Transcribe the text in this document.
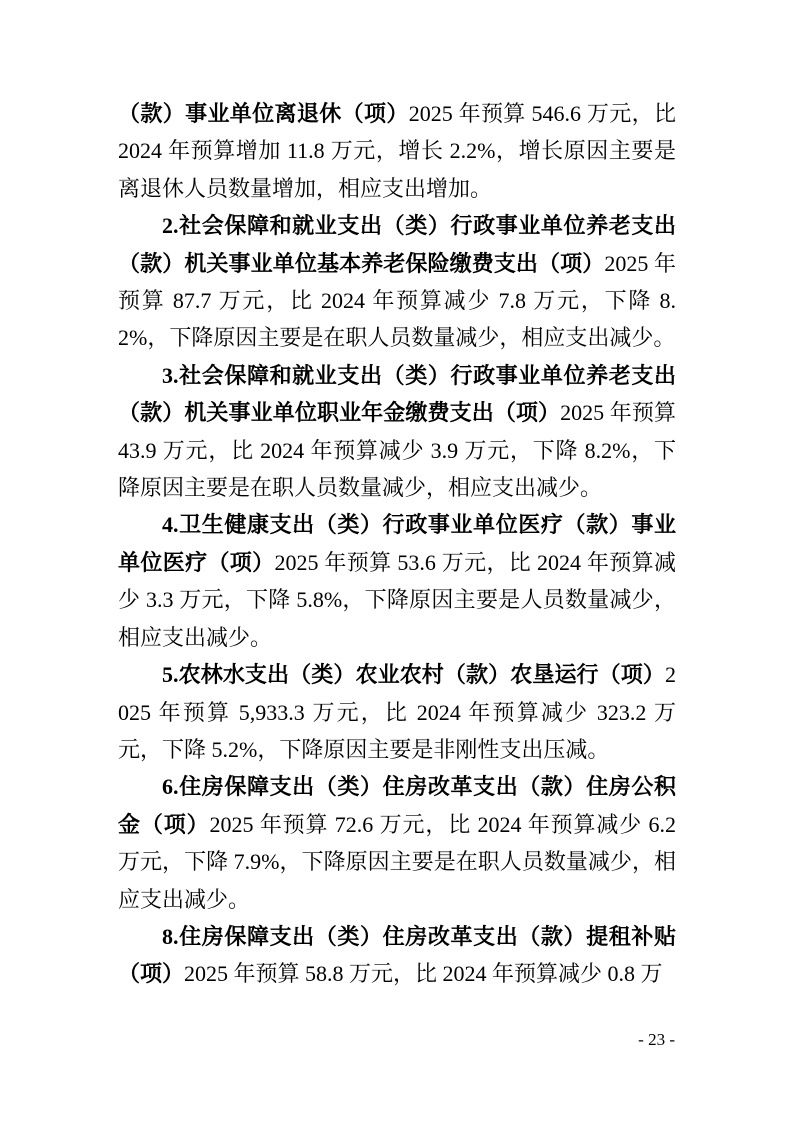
（款）事业单位离退休（项）2025 年预算 546.6 万元，比 2024 年预算增加 11.8 万元，增长 2.2%，增长原因主要是离退休人员数量增加，相应支出增加。

2.社会保障和就业支出（类）行政事业单位养老支出（款）机关事业单位基本养老保险缴费支出（项）2025 年预算 87.7 万元，比 2024 年预算减少 7.8 万元，下降 8.2%，下降原因主要是在职人员数量减少，相应支出减少。

3.社会保障和就业支出（类）行政事业单位养老支出（款）机关事业单位职业年金缴费支出（项）2025 年预算 43.9 万元，比 2024 年预算减少 3.9 万元，下降 8.2%，下降原因主要是在职人员数量减少，相应支出减少。

4.卫生健康支出（类）行政事业单位医疗（款）事业单位医疗（项）2025 年预算 53.6 万元，比 2024 年预算减少 3.3 万元，下降 5.8%，下降原因主要是人员数量减少，相应支出减少。

5.农林水支出（类）农业农村（款）农垦运行（项）2025 年预算 5,933.3 万元，比 2024 年预算减少 323.2 万元，下降 5.2%，下降原因主要是非刚性支出压减。

6.住房保障支出（类）住房改革支出（款）住房公积金（项）2025 年预算 72.6 万元，比 2024 年预算减少 6.2 万元，下降 7.9%，下降原因主要是在职人员数量减少，相应支出减少。

8.住房保障支出（类）住房改革支出（款）提租补贴（项）2025 年预算 58.8 万元，比 2024 年预算减少 0.8 万

- 23 -
